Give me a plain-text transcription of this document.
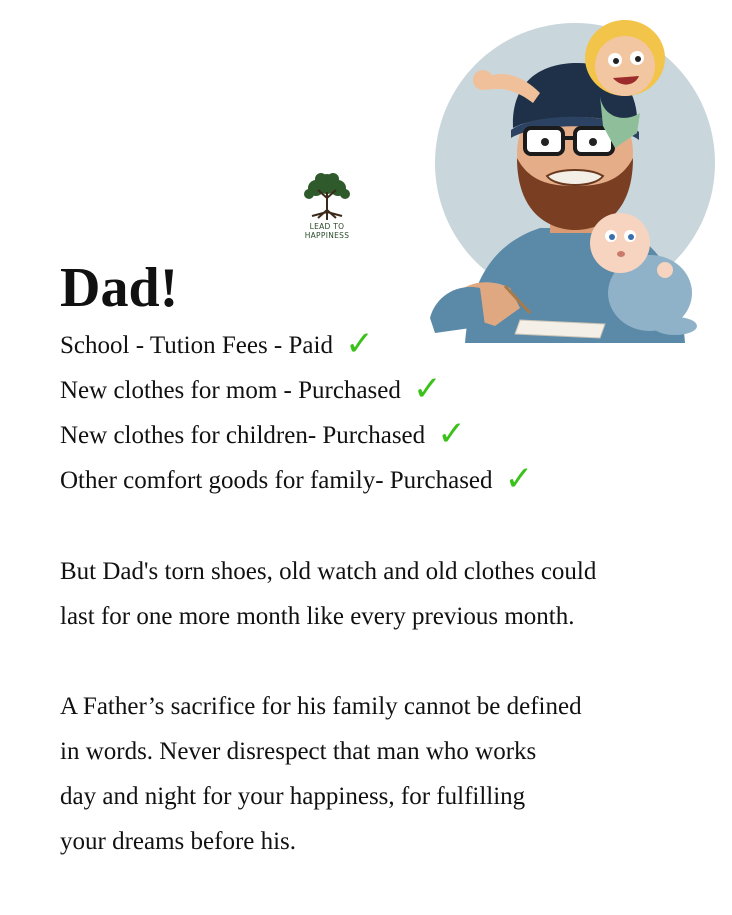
LEAD TO
HAPPINESS
Dad!
School - Tution Fees - Paid ✓
New clothes for mom - Purchased ✓
New clothes for children- Purchased ✓
Other comfort goods for family- Purchased ✓

But Dad's torn shoes, old watch and old clothes could
last for one more month like every previous month.

A Father’s sacrifice for his family cannot be defined
in words. Never disrespect that man who works
day and night for your happiness, for fulfilling
your dreams before his.
